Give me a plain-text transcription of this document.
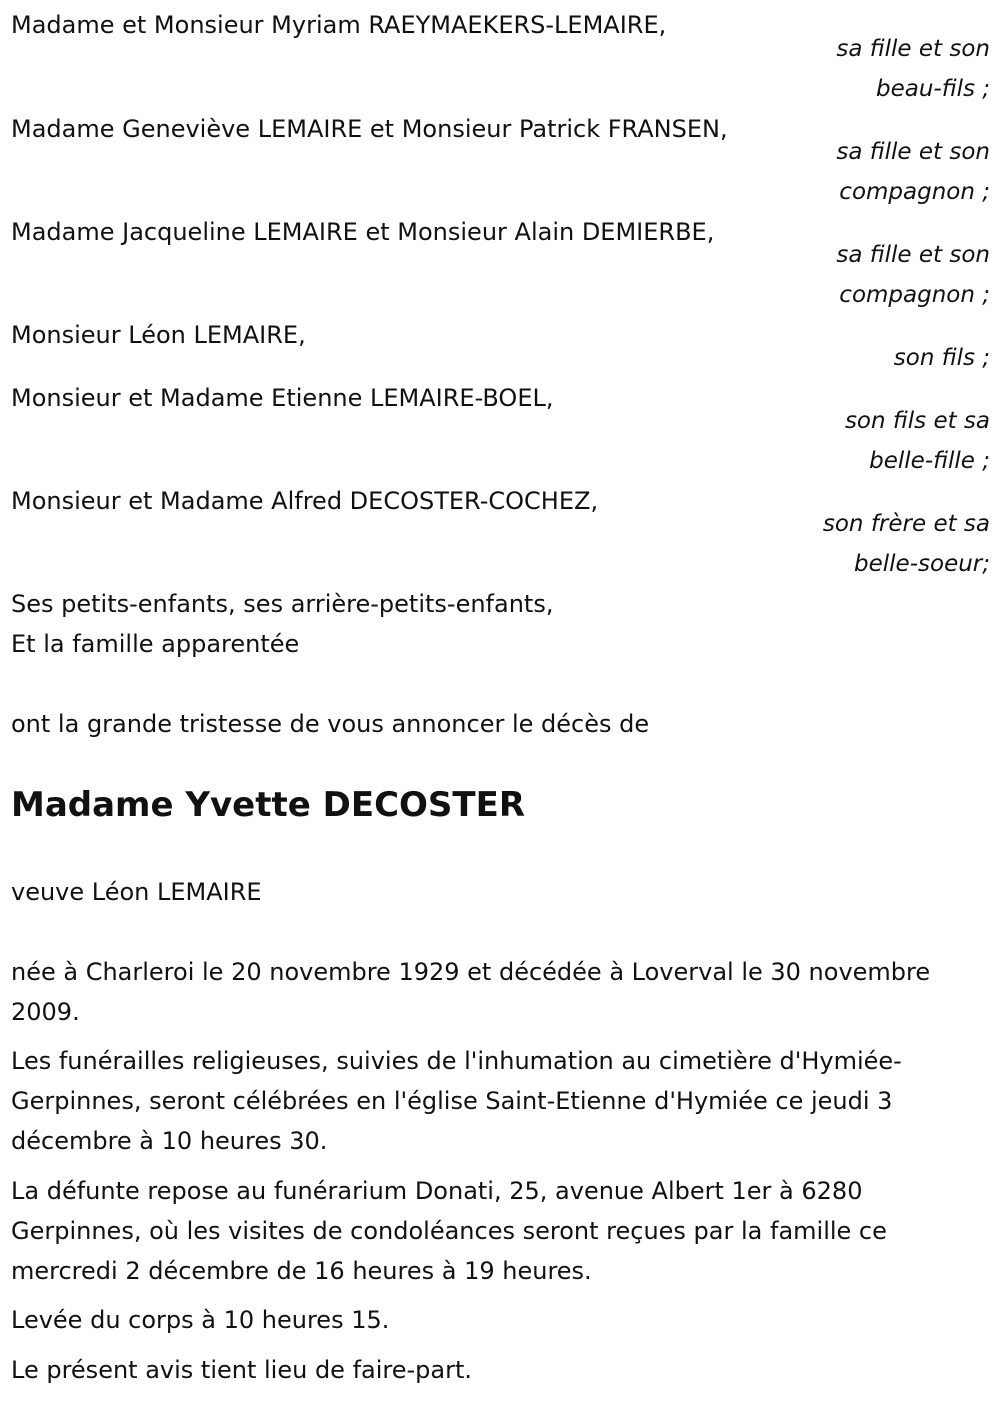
Madame et Monsieur Myriam RAEYMAEKERS-LEMAIRE,
sa fille et son
beau-fils ;
Madame Geneviève LEMAIRE et Monsieur Patrick FRANSEN,
sa fille et son
compagnon ;
Madame Jacqueline LEMAIRE et Monsieur Alain DEMIERBE,
sa fille et son
compagnon ;
Monsieur Léon LEMAIRE,
son fils ;
Monsieur et Madame Etienne LEMAIRE-BOEL,
son fils et sa
belle-fille ;
Monsieur et Madame Alfred DECOSTER-COCHEZ,
son frère et sa
belle-soeur;
Ses petits-enfants, ses arrière-petits-enfants,
Et la famille apparentée
ont la grande tristesse de vous annoncer le décès de
Madame Yvette DECOSTER
veuve Léon LEMAIRE
née à Charleroi le 20 novembre 1929 et décédée à Loverval le 30 novembre 2009.
Les funérailles religieuses, suivies de l'inhumation au cimetière d'Hymiée-Gerpinnes, seront célébrées en l'église Saint-Etienne d'Hymiée ce jeudi 3 décembre à 10 heures 30.
La défunte repose au funérarium Donati, 25, avenue Albert 1er à 6280 Gerpinnes, où les visites de condoléances seront reçues par la famille ce mercredi 2 décembre de 16 heures à 19 heures.
Levée du corps à 10 heures 15.
Le présent avis tient lieu de faire-part.
